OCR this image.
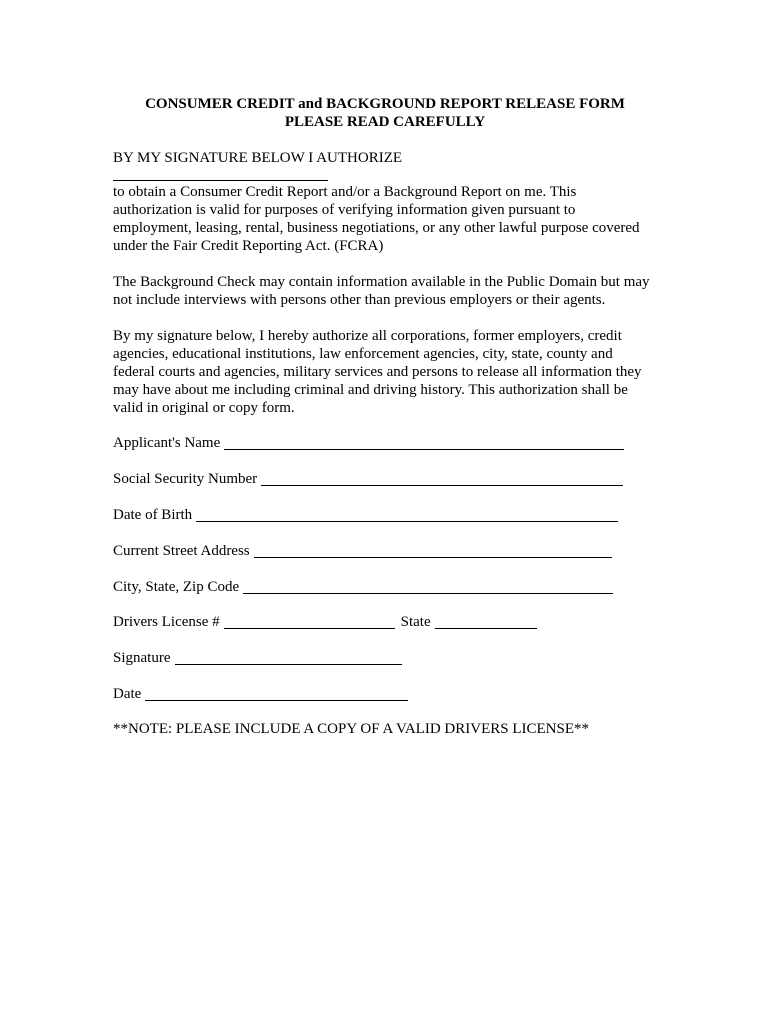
CONSUMER CREDIT and BACKGROUND REPORT RELEASE FORM
PLEASE READ CAREFULLY
BY MY SIGNATURE BELOW I AUTHORIZE
to obtain a Consumer Credit Report and/or a Background Report on me. This
authorization is valid for purposes of verifying information given pursuant to
employment, leasing, rental, business negotiations, or any other lawful purpose covered
under the Fair Credit Reporting Act. (FCRA)
The Background Check may contain information available in the Public Domain but may
not include interviews with persons other than previous employers or their agents.
By my signature below, I hereby authorize all corporations, former employers, credit
agencies, educational institutions, law enforcement agencies, city, state, county and
federal courts and agencies, military services and persons to release all information they
may have about me including criminal and driving history. This authorization shall be
valid in original or copy form.
Applicant's Name
Social Security Number
Date of Birth
Current Street Address
City, State, Zip Code
Drivers License #	State
Signature
Date
**NOTE: PLEASE INCLUDE A COPY OF A VALID DRIVERS LICENSE**
